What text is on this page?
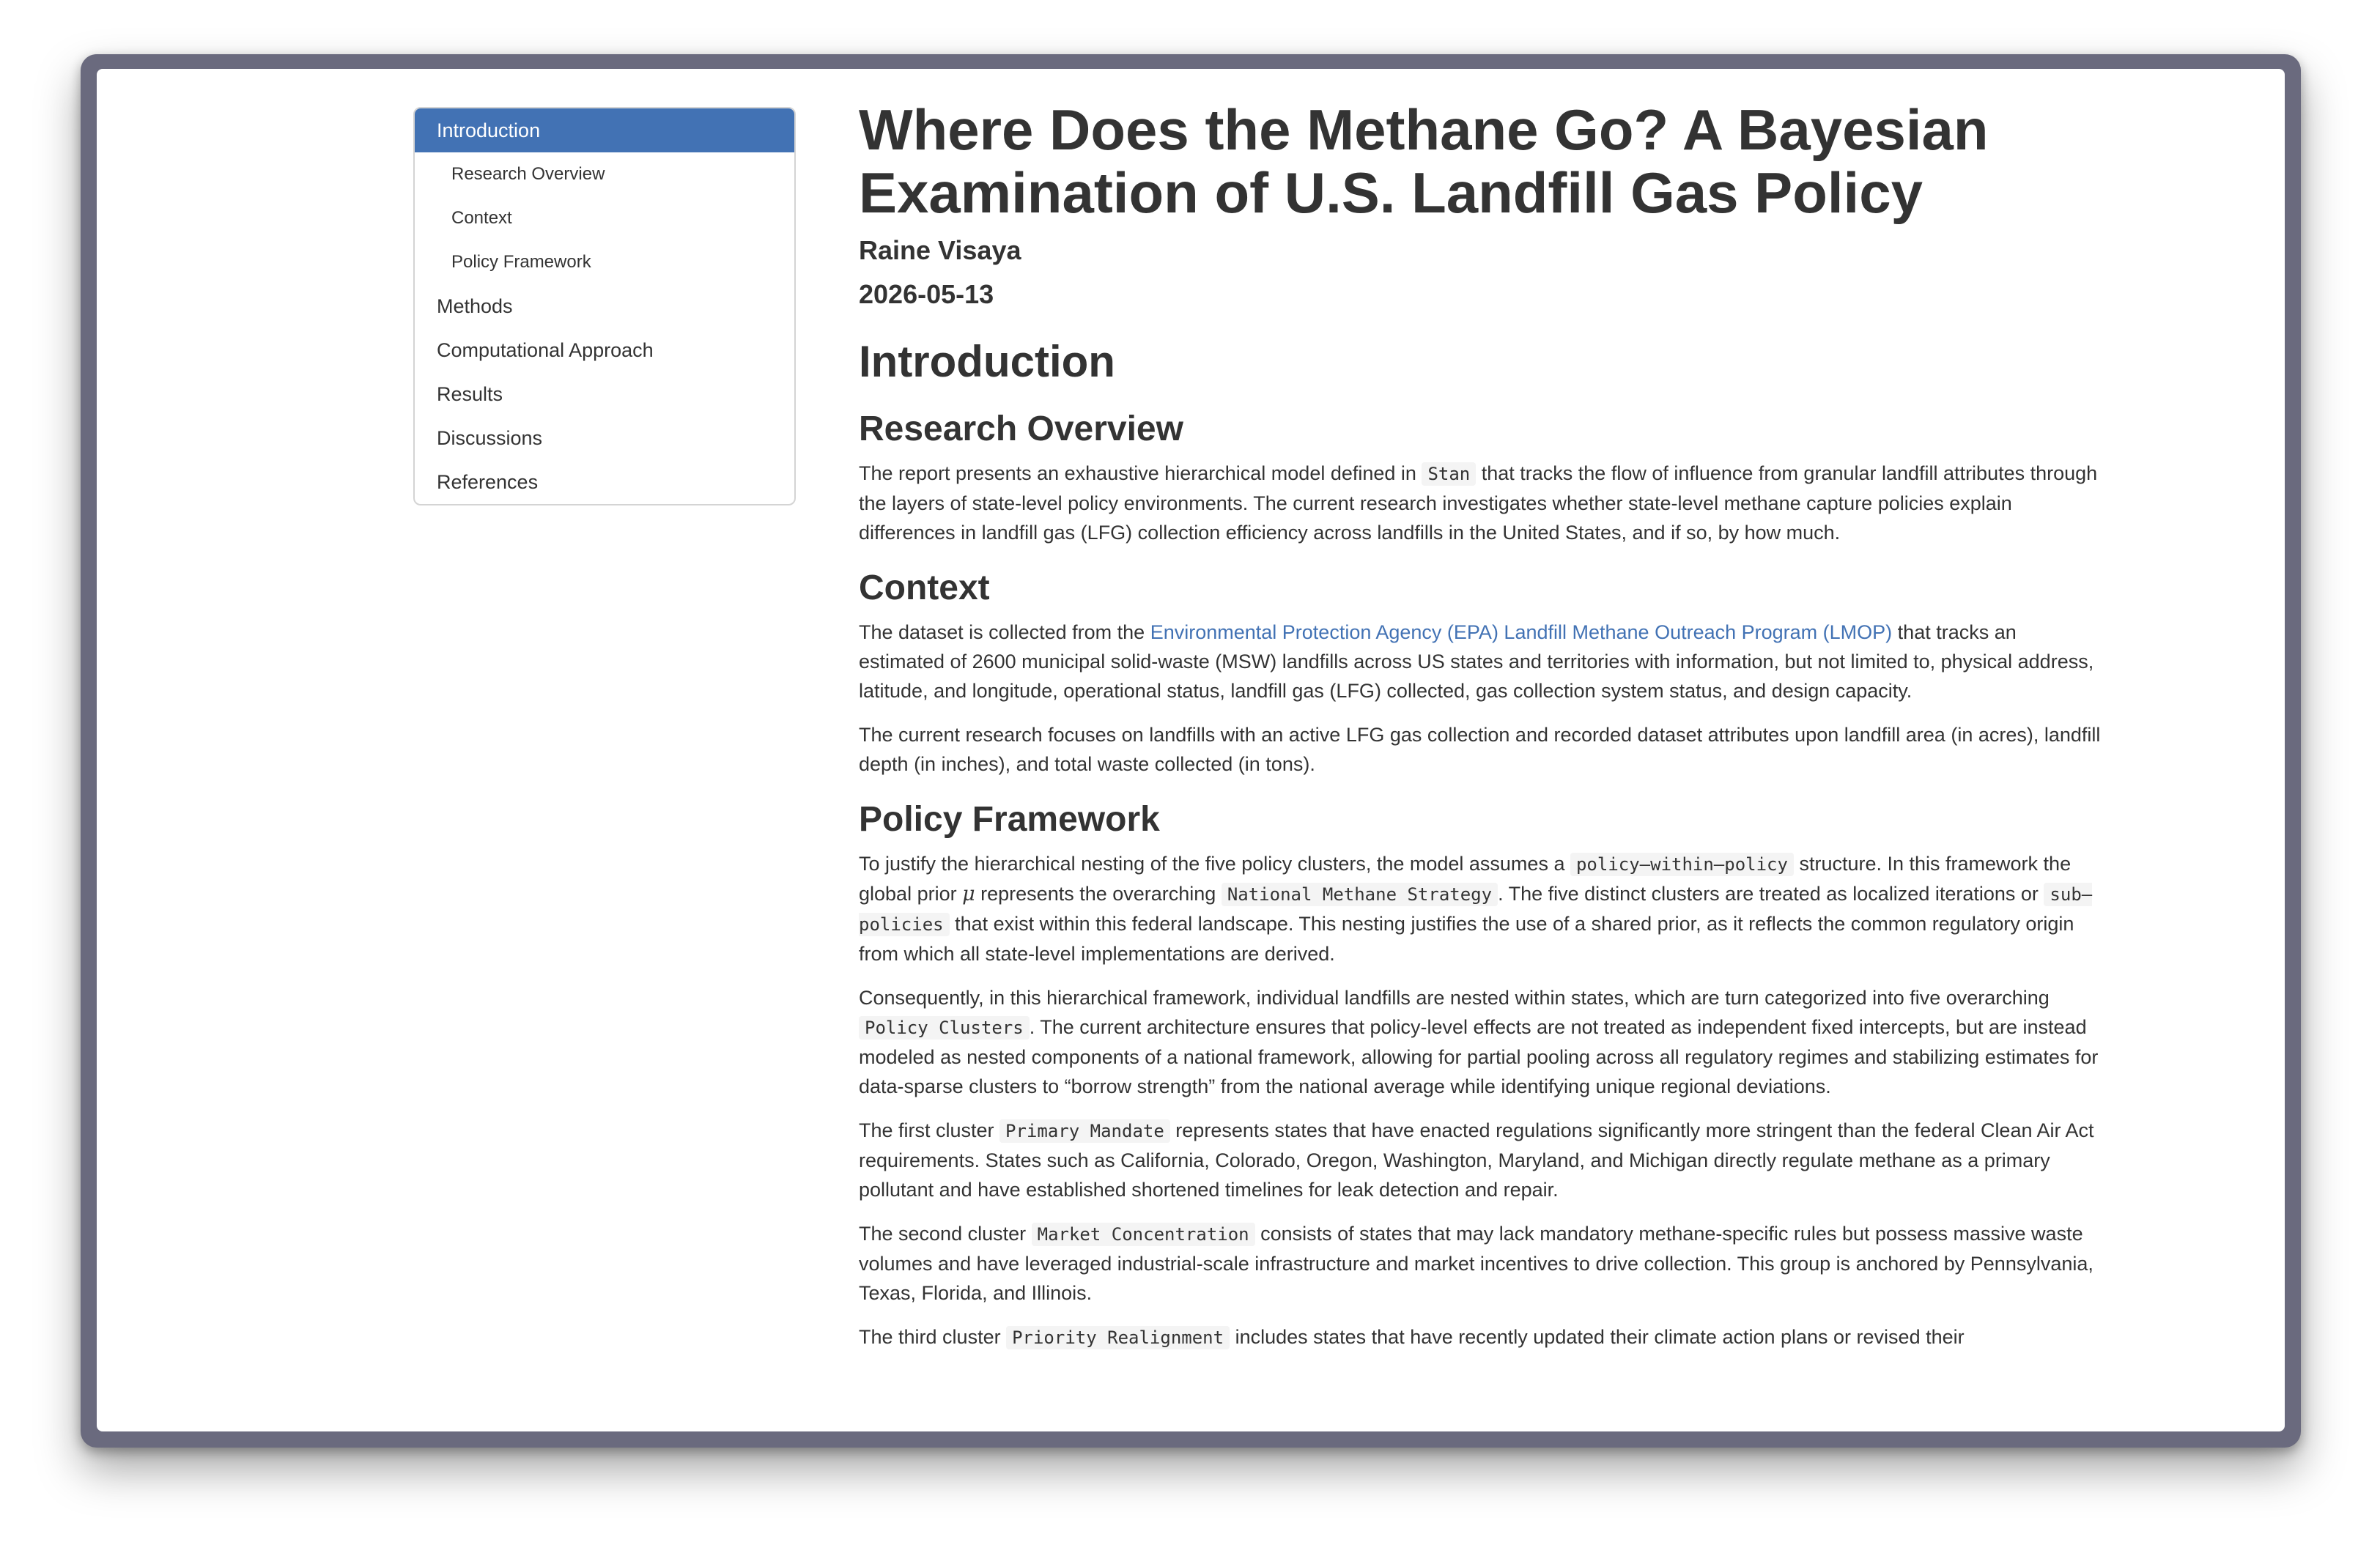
Introduction
Research Overview
Context
Policy Framework
Methods
Computational Approach
Results
Discussions
References
Where Does the Methane Go? A Bayesian Examination of U.S. Landfill Gas Policy
Raine Visaya
2026-05-13
Introduction
Research Overview

The report presents an exhaustive hierarchical model defined in Stan that tracks the flow of influence from granular landfill attributes through the layers of state-level policy environments. The current research investigates whether state-level methane capture policies explain differences in landfill gas (LFG) collection efficiency across landfills in the United States, and if so, by how much.

Context

The dataset is collected from the Environmental Protection Agency (EPA) Landfill Methane Outreach Program (LMOP) that tracks an estimated of 2600 municipal solid-waste (MSW) landfills across US states and territories with information, but not limited to, physical address, latitude, and longitude, operational status, landfill gas (LFG) collected, gas collection system status, and design capacity.

The current research focuses on landfills with an active LFG gas collection and recorded dataset attributes upon landfill area (in acres), landfill depth (in inches), and total waste collected (in tons).

Policy Framework

To justify the hierarchical nesting of the five policy clusters, the model assumes a policy–within–policy structure. In this framework the global prior μ represents the overarching National Methane Strategy . The five distinct clusters are treated as localized iterations or sub–policies that exist within this federal landscape. This nesting justifies the use of a shared prior, as it reflects the common regulatory origin from which all state-level implementations are derived.

Consequently, in this hierarchical framework, individual landfills are nested within states, which are turn categorized into five overarching Policy Clusters . The current architecture ensures that policy-level effects are not treated as independent fixed intercepts, but are instead modeled as nested components of a national framework, allowing for partial pooling across all regulatory regimes and stabilizing estimates for data-sparse clusters to “borrow strength” from the national average while identifying unique regional deviations.

The first cluster Primary Mandate represents states that have enacted regulations significantly more stringent than the federal Clean Air Act requirements. States such as California, Colorado, Oregon, Washington, Maryland, and Michigan directly regulate methane as a primary pollutant and have established shortened timelines for leak detection and repair.

The second cluster Market Concentration consists of states that may lack mandatory methane-specific rules but possess massive waste volumes and have leveraged industrial-scale infrastructure and market incentives to drive collection. This group is anchored by Pennsylvania, Texas, Florida, and Illinois.

The third cluster Priority Realignment includes states that have recently updated their climate action plans or revised their
